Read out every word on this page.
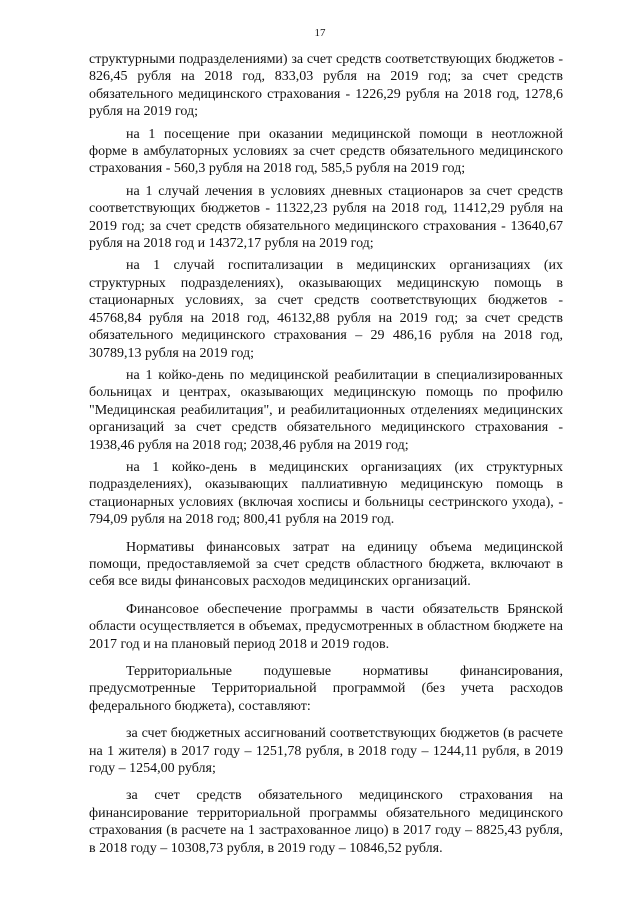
17

структурными подразделениями) за счет средств соответствующих бюджетов - 826,45 рубля на 2018 год, 833,03 рубля на 2019 год; за счет средств обязательного медицинского страхования - 1226,29 рубля на 2018 год, 1278,6 рубля на 2019 год;

на 1 посещение при оказании медицинской помощи в неотложной форме в амбулаторных условиях за счет средств обязательного медицинского страхования - 560,3 рубля на 2018 год, 585,5 рубля на 2019 год;

на 1 случай лечения в условиях дневных стационаров за счет средств соответствующих бюджетов - 11322,23 рубля на 2018 год, 11412,29 рубля на 2019 год; за счет средств обязательного медицинского страхования - 13640,67 рубля на 2018 год и 14372,17 рубля на 2019 год;

на 1 случай госпитализации в медицинских организациях (их структурных подразделениях), оказывающих медицинскую помощь в стационарных условиях, за счет средств соответствующих бюджетов - 45768,84 рубля на 2018 год, 46132,88 рубля на 2019 год; за счет средств обязательного медицинского страхования – 29 486,16 рубля на 2018 год, 30789,13 рубля на 2019 год;

на 1 койко-день по медицинской реабилитации в специализированных больницах и центрах, оказывающих медицинскую помощь по профилю "Медицинская реабилитация", и реабилитационных отделениях медицинских организаций за счет средств обязательного медицинского страхования - 1938,46 рубля на 2018 год; 2038,46 рубля на 2019 год;

на 1 койко-день в медицинских организациях (их структурных подразделениях), оказывающих паллиативную медицинскую помощь в стационарных условиях (включая хосписы и больницы сестринского ухода), - 794,09 рубля на 2018 год; 800,41 рубля на 2019 год.

Нормативы финансовых затрат на единицу объема медицинской помощи, предоставляемой за счет средств областного бюджета, включают в себя все виды финансовых расходов медицинских организаций.

Финансовое обеспечение программы в части обязательств Брянской области осуществляется в объемах, предусмотренных в областном бюджете на 2017 год и на плановый период 2018 и 2019 годов.

Территориальные подушевые нормативы финансирования, предусмотренные Территориальной программой (без учета расходов федерального бюджета), составляют:

за счет бюджетных ассигнований соответствующих бюджетов (в расчете на 1 жителя) в 2017 году – 1251,78 рубля, в 2018 году – 1244,11 рубля, в 2019 году – 1254,00 рубля;

за счет средств обязательного медицинского страхования на финансирование территориальной программы обязательного медицинского страхования (в расчете на 1 застрахованное лицо) в 2017 году – 8825,43 рубля, в 2018 году – 10308,73 рубля, в 2019 году – 10846,52 рубля.
